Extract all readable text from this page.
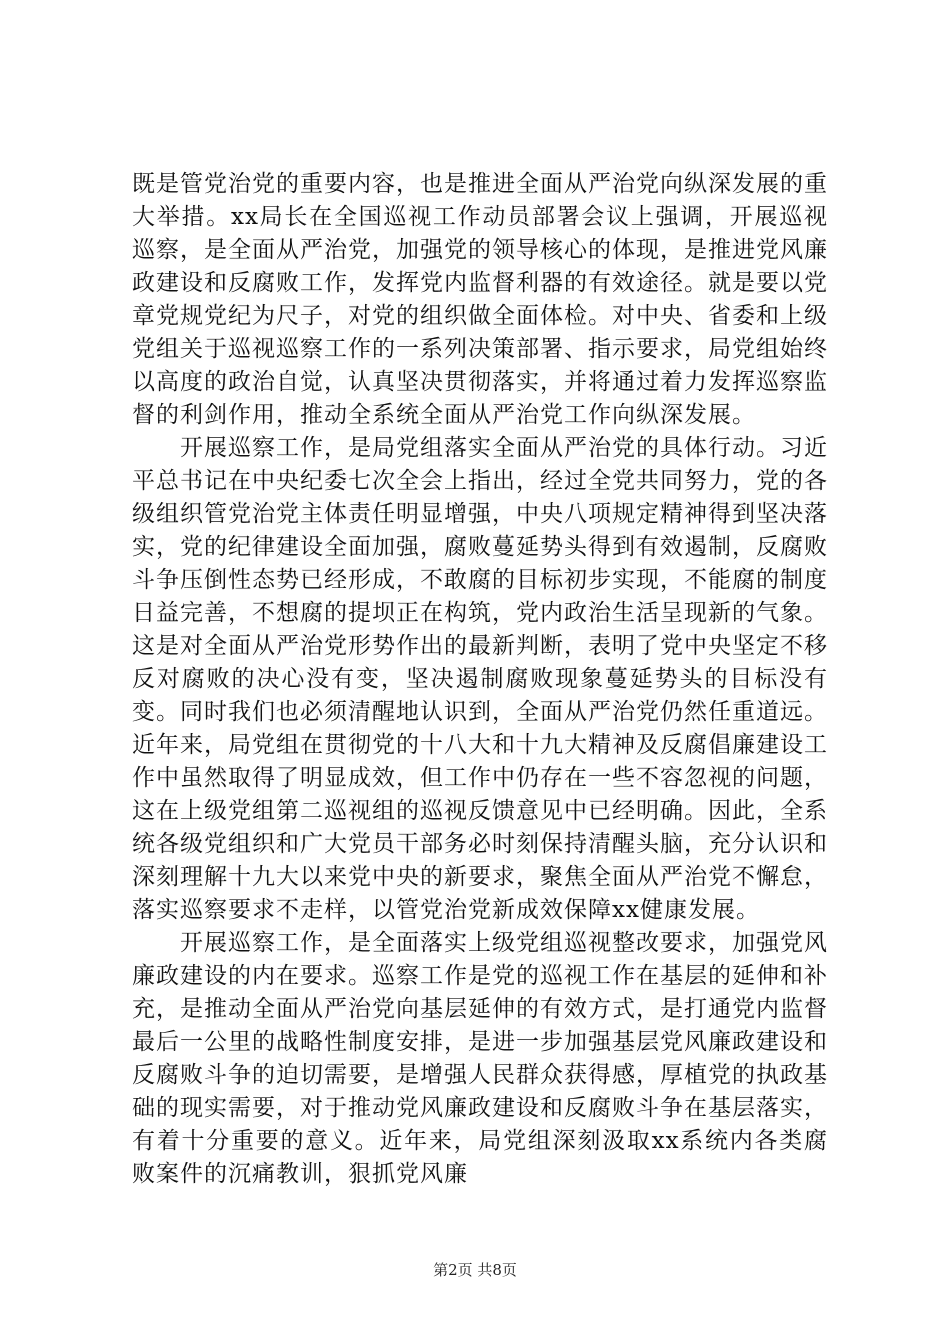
既是管党治党的重要内容，也是推进全面从严治党向纵深发展的重大举措。xx局长在全国巡视工作动员部署会议上强调，开展巡视巡察，是全面从严治党，加强党的领导核心的体现，是推进党风廉政建设和反腐败工作，发挥党内监督利器的有效途径。就是要以党章党规党纪为尺子，对党的组织做全面体检。对中央、省委和上级党组关于巡视巡察工作的一系列决策部署、指示要求，局党组始终以高度的政治自觉，认真坚决贯彻落实，并将通过着力发挥巡察监督的利剑作用，推动全系统全面从严治党工作向纵深发展。

开展巡察工作，是局党组落实全面从严治党的具体行动。习近平总书记在中央纪委七次全会上指出，经过全党共同努力，党的各级组织管党治党主体责任明显增强，中央八项规定精神得到坚决落实，党的纪律建设全面加强，腐败蔓延势头得到有效遏制，反腐败斗争压倒性态势已经形成，不敢腐的目标初步实现，不能腐的制度日益完善，不想腐的提坝正在构筑，党内政治生活呈现新的气象。这是对全面从严治党形势作出的最新判断，表明了党中央坚定不移反对腐败的决心没有变，坚决遏制腐败现象蔓延势头的目标没有变。同时我们也必须清醒地认识到，全面从严治党仍然任重道远。近年来，局党组在贯彻党的十八大和十九大精神及反腐倡廉建设工作中虽然取得了明显成效，但工作中仍存在一些不容忽视的问题，这在上级党组第二巡视组的巡视反馈意见中已经明确。因此，全系统各级党组织和广大党员干部务必时刻保持清醒头脑，充分认识和深刻理解十九大以来党中央的新要求，聚焦全面从严治党不懈怠，落实巡察要求不走样，以管党治党新成效保障xx健康发展。

开展巡察工作，是全面落实上级党组巡视整改要求，加强党风廉政建设的内在要求。巡察工作是党的巡视工作在基层的延伸和补充，是推动全面从严治党向基层延伸的有效方式，是打通党内监督最后一公里的战略性制度安排，是进一步加强基层党风廉政建设和反腐败斗争的迫切需要，是增强人民群众获得感，厚植党的执政基础的现实需要，对于推动党风廉政建设和反腐败斗争在基层落实，有着十分重要的意义。近年来，局党组深刻汲取xx系统内各类腐败案件的沉痛教训，狠抓党风廉

第2页 共8页
